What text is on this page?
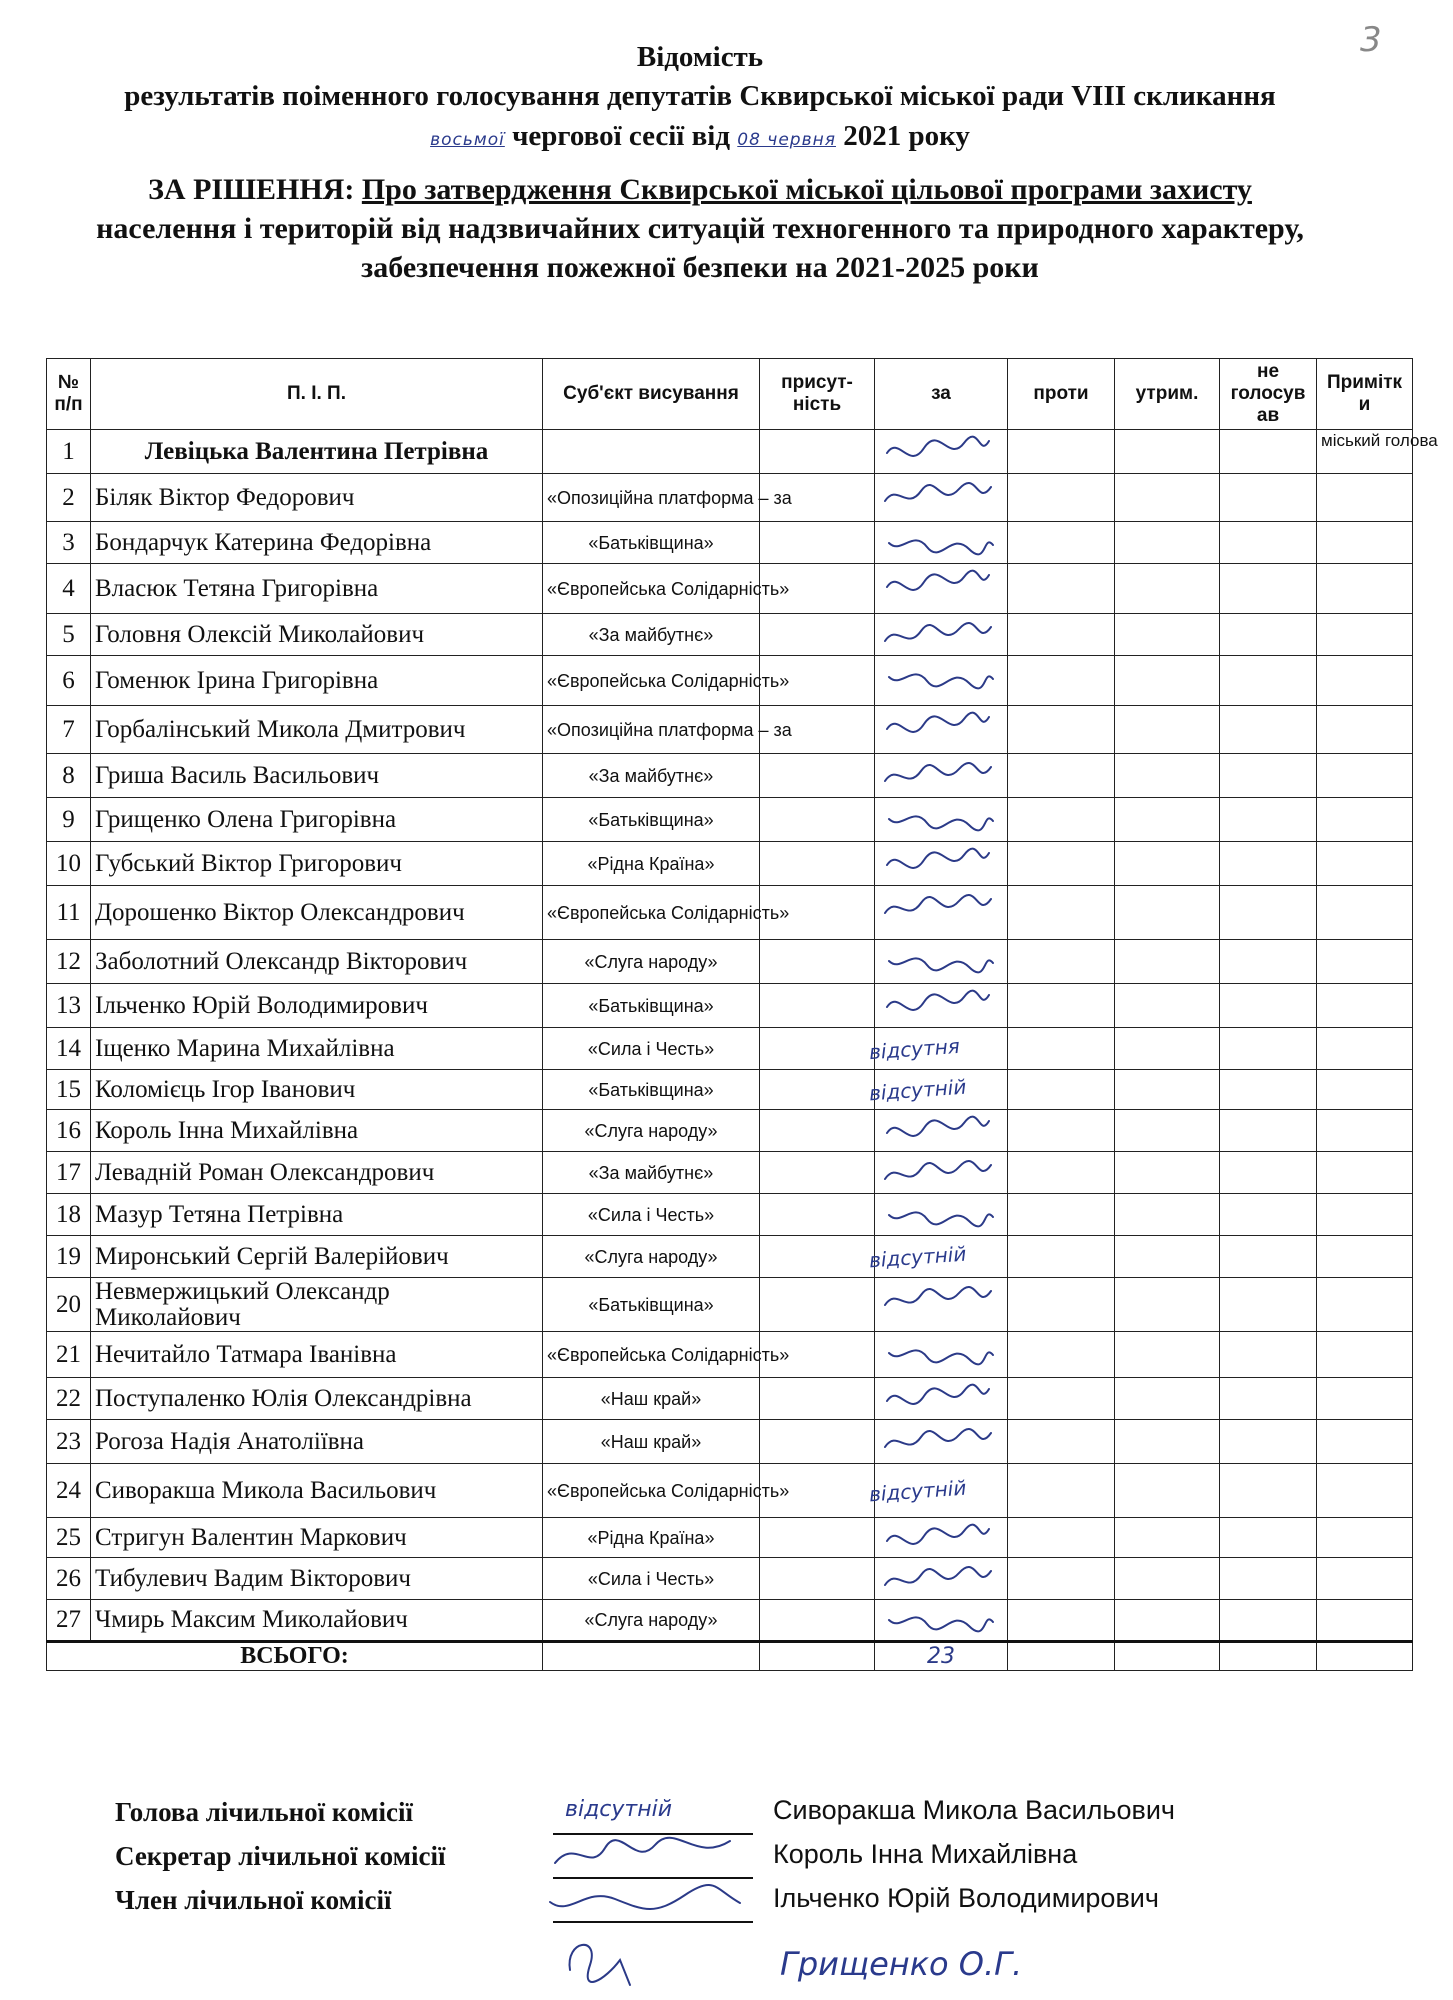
3
Відомість
результатів поіменного голосування депутатів Сквирської міської ради VIII скликання
восьмої чергової сесії від 08 червня 2021 року
ЗА РІШЕННЯ: Про затвердження Сквирської міської цільової програми захисту
населення і територій від надзвичайних ситуацій техногенного та природного характеру,
забезпечення пожежної безпеки на 2021-2025 роки
№ п/п	П. І. П.	Суб'єкт висування	присут-ність	за	проти	утрим.	не голосув ав	Примітк и
1	Левіцька Валентина Петрівна							міський голова
2	Біляк Віктор Федорович	«Опозиційна платформа – за		

3	Бондарчук Катерина Федорівна	«Батьківщина»		

4	Власюк Тетяна Григорівна	«Європейська Солідарність»		

5	Головня Олексій Миколайович	«За майбутнє»		

6	Гоменюк Ірина Григорівна	«Європейська Солідарність»		

7	Горбалінський Микола Дмитрович	«Опозиційна платформа – за		

8	Гриша Василь Васильович	«За майбутнє»		

9	Грищенко Олена Григорівна	«Батьківщина»		

10	Губський Віктор Григорович	«Рідна Країна»		

11	Дорошенко Віктор Олександрович	«Європейська Солідарність»		

12	Заболотний Олександр Вікторович	«Слуга народу»		

13	Ільченко Юрій Володимирович	«Батьківщина»		

14	Іщенко Марина Михайлівна	«Сила і Честь»		відсутня				
15	Коломієць Ігор Іванович	«Батьківщина»		відсутній				
16	Король Інна Михайлівна	«Слуга народу»		

17	Левадній Роман Олександрович	«За майбутнє»		

18	Мазур Тетяна Петрівна	«Сила і Честь»		

19	Миронський Сергій Валерійович	«Слуга народу»		відсутній				
20	Невмержицький Олександр Миколайович	«Батьківщина»		

21	Нечитайло Татмара Іванівна	«Європейська Солідарність»		

22	Поступаленко Юлія Олександрівна	«Наш край»		

23	Рогоза Надія Анатоліївна	«Наш край»		

24	Сиворакша Микола Васильович	«Європейська Солідарність»		відсутній				
25	Стригун Валентин Маркович	«Рідна Країна»		

26	Тибулевич Вадим Вікторович	«Сила і Честь»		

27	Чмирь Максим Миколайович	«Слуга народу»		

ВСЬОГО:				23				
Голова лічильної комісії	відсутній	Сиворакша Микола Васильович
Секретар лічильної комісії	Король Інна Михайлівна
Член лічильної комісії	Ільченко Юрій Володимирович
Грищенко О.Г.
